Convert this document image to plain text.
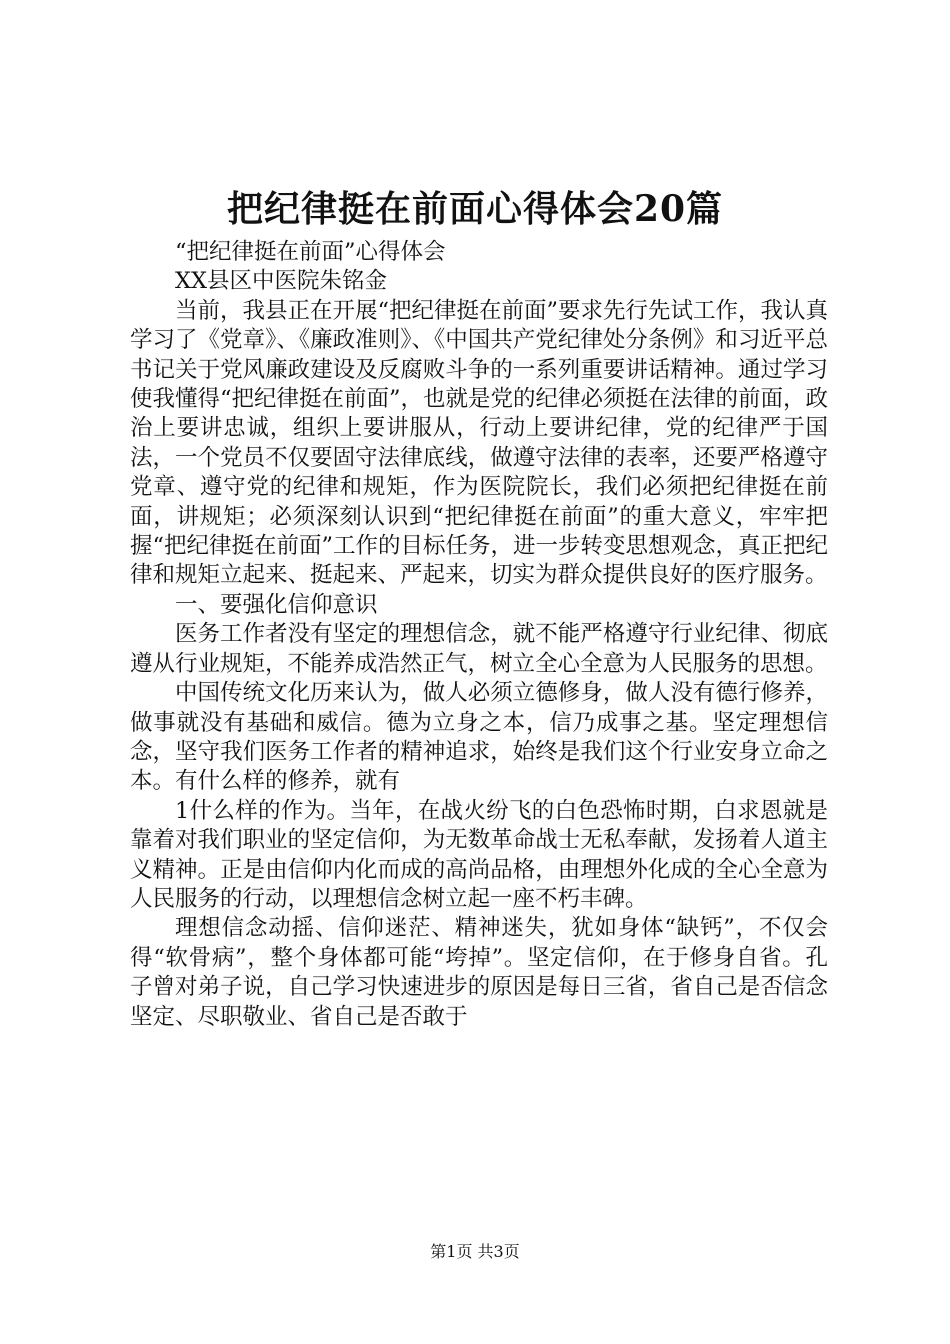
把纪律挺在前面心得体会20篇

“把纪律挺在前面”心得体会

XX县区中医院朱铭金

当前，我县正在开展“把纪律挺在前面”要求先行先试工作，我认真学习了《党章》、《廉政准则》、《中国共产党纪律处分条例》和习近平总书记关于党风廉政建设及反腐败斗争的一系列重要讲话精神。通过学习使我懂得“把纪律挺在前面”，也就是党的纪律必须挺在法律的前面，政治上要讲忠诚，组织上要讲服从，行动上要讲纪律，党的纪律严于国法，一个党员不仅要固守法律底线，做遵守法律的表率，还要严格遵守党章、遵守党的纪律和规矩，作为医院院长，我们必须把纪律挺在前面，讲规矩；必须深刻认识到“把纪律挺在前面”的重大意义，牢牢把握“把纪律挺在前面”工作的目标任务，进一步转变思想观念，真正把纪律和规矩立起来、挺起来、严起来，切实为群众提供良好的医疗服务。

一、要强化信仰意识

医务工作者没有坚定的理想信念，就不能严格遵守行业纪律、彻底遵从行业规矩，不能养成浩然正气，树立全心全意为人民服务的思想。

中国传统文化历来认为，做人必须立德修身，做人没有德行修养，做事就没有基础和威信。德为立身之本，信乃成事之基。坚定理想信念，坚守我们医务工作者的精神追求，始终是我们这个行业安身立命之本。有什么样的修养，就有

1什么样的作为。当年，在战火纷飞的白色恐怖时期，白求恩就是靠着对我们职业的坚定信仰，为无数革命战士无私奉献，发扬着人道主义精神。正是由信仰内化而成的高尚品格，由理想外化成的全心全意为人民服务的行动，以理想信念树立起一座不朽丰碑。

理想信念动摇、信仰迷茫、精神迷失，犹如身体“缺钙”，不仅会得“软骨病”，整个身体都可能“垮掉”。坚定信仰，在于修身自省。孔子曾对弟子说，自己学习快速进步的原因是每日三省，省自己是否信念坚定、尽职敬业、省自己是否敢于

第1页 共3页
